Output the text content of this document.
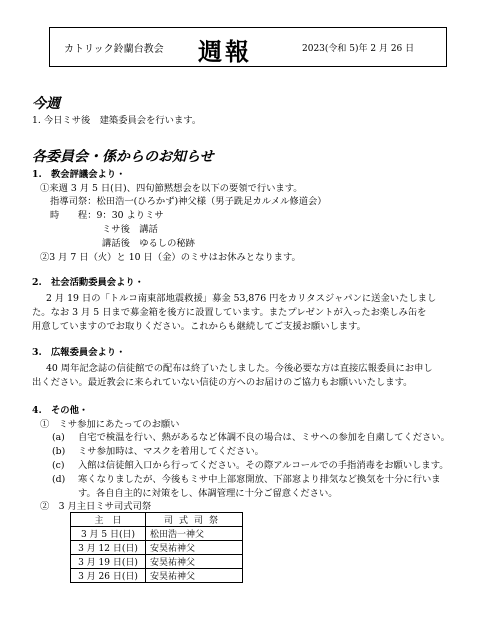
カトリック鈴蘭台教会 週報	2023(令和 5)年 2 月 26 日
今週
1. 今日ミサ後　建築委員会を行います。
各委員会・係からのお知らせ
1.　教会評議会より・
①来週 3 月 5 日(日)、四旬節黙想会を以下の要領で行います。
指導司祭：松田浩一(ひろかず)神父様（男子跣足カルメル修道会）
時　　程：9：30 よりミサ
ミサ後　講話
講話後　ゆるしの秘跡
②3 月 7 日（火）と 10 日（金）のミサはお休みとなります。
2.　社会活動委員会より・
2 月 19 日の「トルコ南東部地震救援」募金 53,876 円をカリタスジャパンに送金いたしまし
た。なお 3 月 5 日まで募金箱を後方に設置しています。またプレゼントが入ったお楽しみ缶を
用意していますのでお取りください。これからも継続してご支援お願いします。
3.　広報委員会より・
40 周年記念誌の信徒館での配布は終了いたしました。今後必要な方は直接広報委員にお申し
出ください。最近教会に来られていない信徒の方へのお届けのご協力もお願いいたします。
4.　その他・
①　ミサ参加にあたってのお願い
(a) 自宅で検温を行い、熱があるなど体調不良の場合は、ミサへの参加を自粛してください。
(b) ミサ参加時は、マスクを着用してください。
(c) 入館は信徒館入口から行ってください。その際アルコールでの手指消毒をお願いします。
(d) 寒くなりましたが、今後もミサ中上部窓開放、下部窓より排気など換気を十分に行いま
す。各自自主的に対策をし、体調管理に十分ご留意ください。
②　3 月主日ミサ司式司祭
主　日	司式司祭
3 月 5 日(日)	松田浩一神父
3 月 12 日(日)	安昊祐神父
3 月 19 日(日)	安昊祐神父
3 月 26 日(日)	安昊祐神父
